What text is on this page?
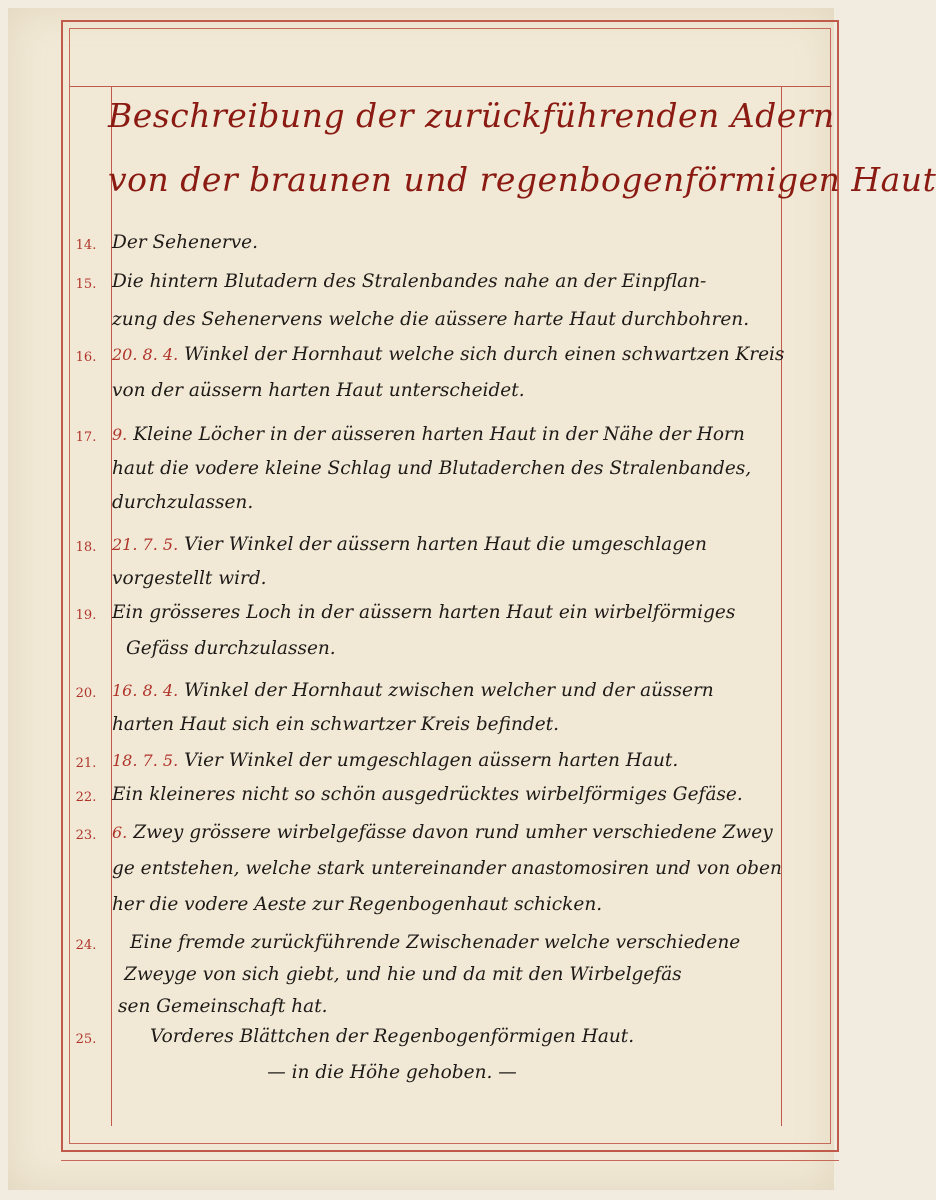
Beschreibung der zurückführenden Adern
von der braunen und regenbogenförmigen Haut
14. Der Sehenerve.
15. Die hintern Blutadern des Stralenbandes nahe an der Einpflan-
zung des Sehenervens welche die aüssere harte Haut durchbohren.
16. 20. 8. 4. Winkel der Hornhaut welche sich durch einen schwartzen Kreis
von der aüssern harten Haut unterscheidet.
17. 9. Kleine Löcher in der aüsseren harten Haut in der Nähe der Horn
haut die vodere kleine Schlag und Blutaderchen des Stralenbandes,
durchzulassen.
18. 21. 7. 5. Vier Winkel der aüssern harten Haut die umgeschlagen
vorgestellt wird.
19. Ein grösseres Loch in der aüssern harten Haut ein wirbelförmiges
Gefäss durchzulassen.
20. 16. 8. 4. Winkel der Hornhaut zwischen welcher und der aüssern
harten Haut sich ein schwartzer Kreis befindet.
21. 18. 7. 5. Vier Winkel der umgeschlagen aüssern harten Haut.
22. Ein kleineres nicht so schön ausgedrücktes wirbelförmiges Gefäse.
23. 6. Zwey grössere wirbelgefässe davon rund umher verschiedene Zwey
ge entstehen, welche stark untereinander anastomosiren und von oben
her die vodere Aeste zur Regenbogenhaut schicken.
24.	Eine fremde zurückführende Zwischenader welche verschiedene
Zweyge von sich giebt, und hie und da mit den Wirbelgefäs
sen Gemeinschaft hat.
25.	Vorderes Blättchen der Regenbogenförmigen Haut.
— in die Höhe gehoben. —
